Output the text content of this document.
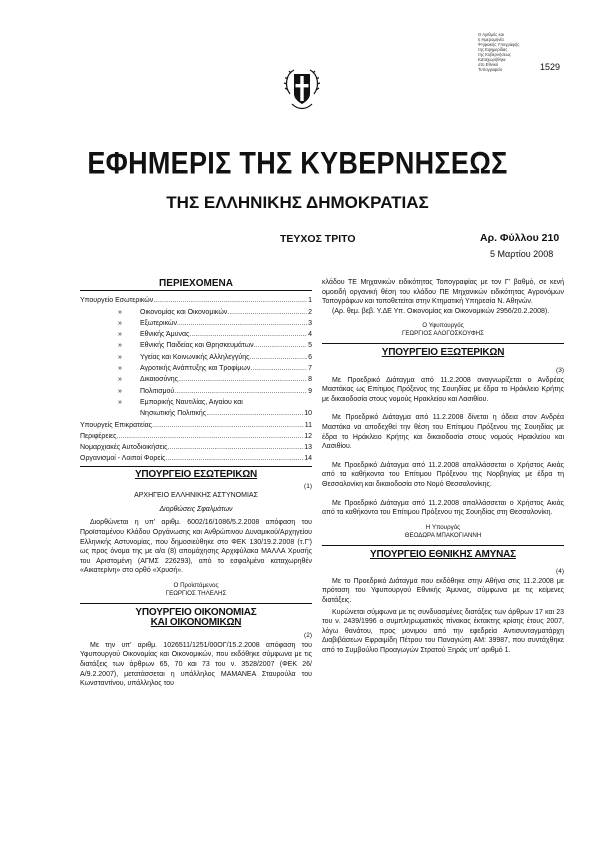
Ο Αριθμός και
η Ημερομηνία
Ψηφιακής Υπογραφής
της Εφημερίδας
της Κυβερνήσεως
Καταχωρήθηκε
στο Εθνικό
Τυπογραφείο	1529
ΕΦΗΜΕΡΙΣ ΤΗΣ ΚΥΒΕΡΝΗΣΕΩΣ
ΤΗΣ ΕΛΛΗΝΙΚΗΣ ΔΗΜΟΚΡΑΤΙΑΣ
ΤΕΥΧΟΣ ΤΡΙΤΟ	Αρ. Φύλλου 210
5 Μαρτίου 2008
ΠΕΡΙΕΧΟΜΕΝΑ
Υπουργείο Εσωτερικών .....	1
»	Οικονομίας και Οικονομικών .....	2
»	Εξωτερικών .....	3
»	Εθνικής Άμυνας .....	4
»	Εθνικής Παιδείας και Θρησκευμάτων .....	5
»	Υγείας και Κοινωνικής Αλληλεγγύης .....	6
»	Αγροτικής Ανάπτυξης και Τροφίμων .....	7
»	Δικαιοσύνης .....	8
»	Πολιτισμού .....	9
»	Εμπορικής Ναυτιλίας, Αιγαίου και
Νησιωτικής Πολιτικής .....	10
Υπουργείς Επικρατείας .....	11
Περιφέρειες .....	12
Νομαρχιακές Αυτοδιοικήσεις .....	13
Οργανισμοί - Λοιποί Φορείς .....	14
ΥΠΟΥΡΓΕΙΟ ΕΣΩΤΕΡΙΚΩΝ
(1)
ΑΡΧΗΓΕΙΟ ΕΛΛΗΝΙΚΗΣ ΑΣΤΥΝΟΜΙΑΣ
Διορθώσεις Σφαλμάτων
Διορθώνεται η υπ' αριθμ. 6002/16/1086/5.2.2008 απόφαση του Προϊσταμένου Κλάδου Οργάνωσης και Ανθρώπινου Δυναμικού/Αρχηγείου Ελληνικής Αστυνομίας, που δημοσιεύθηκε στο ΦΕΚ 130/19.2.2008 (τ.Γ') ως προς όνομα της με α/α (8) απομάχησης Αρχιφύλακα ΜΑΛΛΑ Χρυσής του Αριστομένη (ΑΓΜΣ 226293), από το εσφαλμένο καταχωρηθέν «Αικατερίνη» στο ορθό «Χρυσή».
Ο Προϊστάμενος
ΓΕΩΡΓΙΟΣ ΤΗΛΕΛΗΣ
ΥΠΟΥΡΓΕΙΟ ΟΙΚΟΝΟΜΙΑΣ
ΚΑΙ ΟΙΚΟΝΟΜΙΚΩΝ
(2)
Με την υπ' αριθμ. 1026511/1251/00ΟΓ/15.2.2008 απόφαση του Υφυπουργού Οικονομίας και Οικονομικών, που εκδόθηκε σύμφωνα με τις διατάξεις των άρθρων 65, 70 και 73 του ν. 3528/2007 (ΦΕΚ 26/Α/9.2.2007), μετατάσσεται η υπάλληλος ΜΑΜΑΝΕΑ Σταυρούλα του Κωνσταντίνου, υπάλληλος του
κλάδου ΤΕ Μηχανικών ειδικότητας Τοπογραφίας με τον Γ' βαθμό, σε κενή ομοειδή οργανική θέση του κλάδου ΠΕ Μηχανικών ειδικότητας Αγρονόμων Τοπογράφων και τοποθετείται στην Κτηματική Υπηρεσία Ν. Αθηνών.
(Αρ. θεμ. βεβ. Υ.ΔΕ Υπ. Οικονομίας και Οικονομικών 2956/20.2.2008).
Ο Υφυπουργός
ΓΕΩΡΓΙΟΣ ΑΛΟΓΟΣΚΟΥΦΗΣ
ΥΠΟΥΡΓΕΙΟ ΕΞΩΤΕΡΙΚΩΝ
(3)
Με Προεδρικό Διάταγμα από 11.2.2008 αναγνωρίζεται ο Ανδρέας Μαστάκας ως Επίτιμος Πρόξενος της Σουηδίας με έδρα το Ηράκλειο Κρήτης με δικαιοδοσία στους νομούς Ηρακλείου και Λασιθίου.
Με Προεδρικό Διάταγμα από 11.2.2008 δίνεται η άδεια στον Ανδρέα Μαστάκα να αποδεχθεί την θέση του Επίτιμου Πρόξενου της Σουηδίας με έδρα το Ηράκλειο Κρήτης και δικαιοδοσία στους νομούς Ηρακλείου και Λασιθίου.
Με Προεδρικό Διάταγμα από 11.2.2008 απαλλάσσεται ο Χρήστος Ακιάς από τα καθήκοντα του Επίτιμου Πρόξενου της Νορβηγίας με έδρα τη Θεσσαλονίκη και δικαιοδοσία στο Νομό Θεσσαλονίκης.
Με Προεδρικό Διάταγμα από 11.2.2008 απαλλάσσεται ο Χρήστος Ακιάς από τα καθήκοντα του Επίτιμου Πρόξενου της Σουηδίας στη Θεσσαλονίκη.
Η Υπουργός
ΘΕΟΔΩΡΑ ΜΠΑΚΟΓΙΑΝΝΗ
ΥΠΟΥΡΓΕΙΟ ΕΘΝΙΚΗΣ ΑΜΥΝΑΣ
(4)
Με το Προεδρικό Διάταγμα που εκδόθηκε στην Αθήνα στις 11.2.2008 με πρόταση του Υφυπουργού Εθνικής Άμυνας, σύμφωνα με τις κείμενες διατάξεις.
Κυρώνεται σύμφωνα με τις συνδυασμένες διατάξεις των άρθρων 17 και 23 του ν. 2439/1996 ο συμπληρωματικός πίνακας έκτακτης κρίσης έτους 2007, λόγω θανάτου, προς μονιμου από την εφεδρεία Αντισυνταγματάρχη Διαβιβάσεων Εφραιμίδη Πέτρου του Παναγιώτη ΑΜ: 39987, που συντάχθηκε από το Συμβούλιο Προαγωγών Στρατού Ξηράς υπ' αριθμό 1.
